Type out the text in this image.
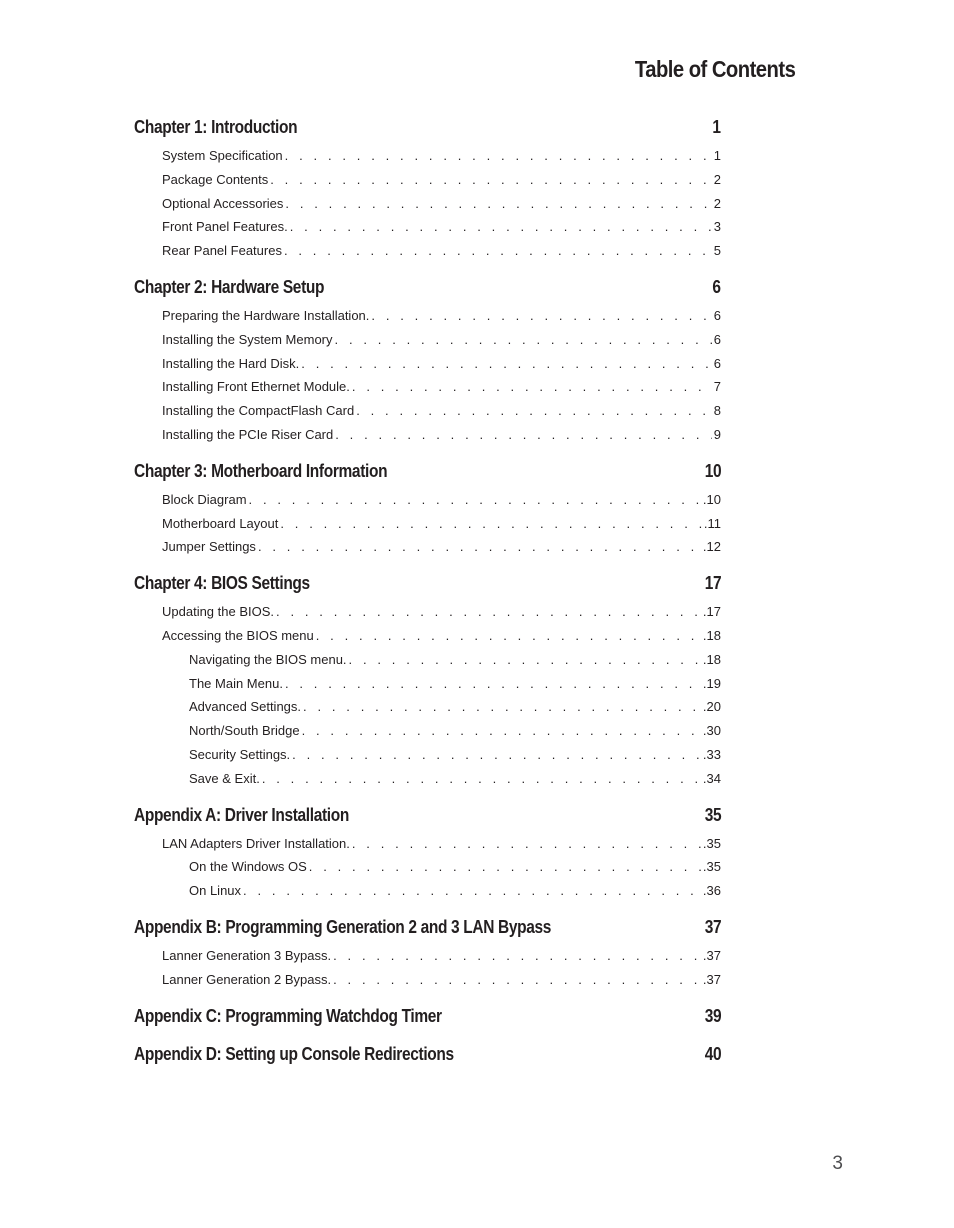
Table of Contents
Chapter 1: Introduction	1
System Specification . . .	1
Package Contents . . .	2
Optional Accessories . . .	2
Front Panel Features. . . .	3
Rear Panel Features . . .	5
Chapter 2: Hardware Setup	6
Preparing the Hardware Installation. . . .	6
Installing the System Memory . . .	6
Installing the Hard Disk. . . .	6
Installing Front Ethernet Module. . . .	7
Installing the CompactFlash Card . . .	8
Installing the PCIe Riser Card . . .	9
Chapter 3: Motherboard Information	10
Block Diagram . . .	.10
Motherboard Layout . . .	.11
Jumper Settings . . .	.12
Chapter 4: BIOS Settings	17
Updating the BIOS. . . .	.17
Accessing the BIOS menu . . .	.18
Navigating the BIOS menu. . . .	.18
The Main Menu. . . .	.19
Advanced Settings. . . .	.20
North/South Bridge . . .	.30
Security Settings. . . .	.33
Save & Exit. . . .	.34
Appendix A: Driver Installation	35
LAN Adapters Driver Installation. . . .	.35
On the Windows OS . . .	.35
On Linux . . .	.36
Appendix B: Programming Generation 2 and 3 LAN Bypass	37
Lanner Generation 3 Bypass. . . .	.37
Lanner Generation 2 Bypass. . . .	.37
Appendix C: Programming Watchdog Timer	39
Appendix D: Setting up Console Redirections	40
3
